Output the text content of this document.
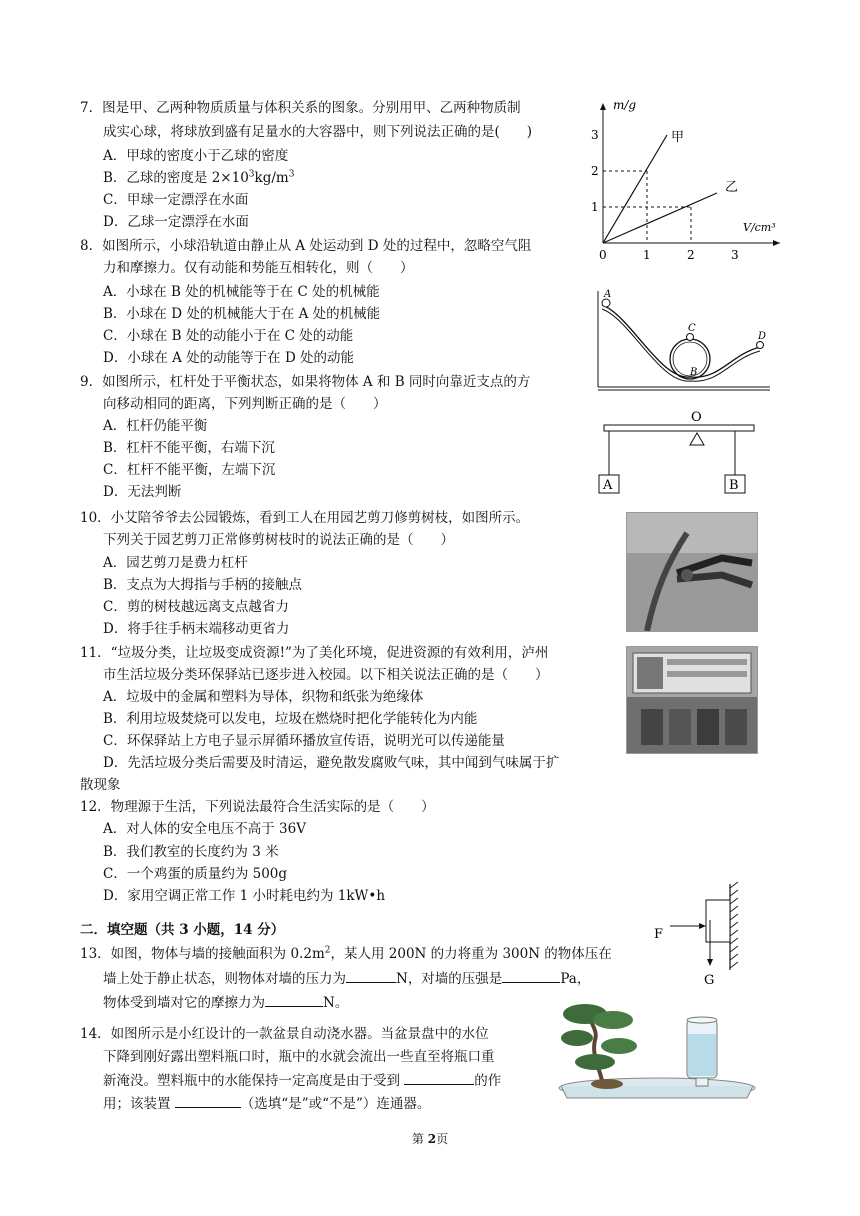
7．图是甲、乙两种物质质量与体积关系的图象。分别用甲、乙两种物质制
成实心球，将球放到盛有足量水的大容器中，则下列说法正确的是(　　)
A．甲球的密度小于乙球的密度
B．乙球的密度是 $2\times 10^3kg/m^3$
C．甲球一定漂浮在水面
D．乙球一定漂浮在水面
m/g
V/cm³
甲
乙
0	1	2	3
1
2
3
8．如图所示，小球沿轨道由静止从 A 处运动到 D 处的过程中，忽略空气阻
力和摩擦力。仅有动能和势能互相转化，则（　　）
A．小球在 B 处的机械能等于在 C 处的机械能
B．小球在 D 处的机械能大于在 A 处的机械能
C．小球在 B 处的动能小于在 C 处的动能
D．小球在 A 处的动能等于在 D 处的动能
A
B
C
D
9．如图所示，杠杆处于平衡状态，如果将物体 A 和 B 同时向靠近支点的方
向移动相同的距离，下列判断正确的是（　　）
A．杠杆仍能平衡
B．杠杆不能平衡，右端下沉
C．杠杆不能平衡，左端下沉
D．无法判断
O
A	B
10．小艾陪爷爷去公园锻炼，看到工人在用园艺剪刀修剪树枝，如图所示。
下列关于园艺剪刀正常修剪树枝时的说法正确的是（　　）
A．园艺剪刀是费力杠杆
B．支点为大拇指与手柄的接触点
C．剪的树枝越远离支点越省力
D．将手往手柄末端移动更省力
11．“垃圾分类，让垃圾变成资源!”为了美化环境，促进资源的有效利用，泸州
市生活垃圾分类环保驿站已逐步进入校园。以下相关说法正确的是（　　）
A．垃圾中的金属和塑料为导体，织物和纸张为绝缘体
B．利用垃圾焚烧可以发电，垃圾在燃烧时把化学能转化为内能
C．环保驿站上方电子显示屏循环播放宣传语，说明光可以传递能量
D．先活垃圾分类后需要及时清运，避免散发腐败气味，其中闻到气味属于扩
散现象
12．物理源于生活，下列说法最符合生活实际的是（　　）
A．对人体的安全电压不高于 36V
B．我们教室的长度约为 3 米
C．一个鸡蛋的质量约为 500g
D．家用空调正常工作 1 小时耗电约为 1kW•h
二．填空题（共 3 小题，14 分）
13．如图，物体与墙的接触面积为 $0.2m^2$，某人用 200N 的力将重为 300N 的物体压在
墙上处于静止状态，则物体对墙的压力为	N，对墙的压强是	Pa，
物体受到墙对它的摩擦力为	N。
F
G
14．如图所示是小红设计的一款盆景自动浇水器。当盆景盘中的水位
下降到刚好露出塑料瓶口时，瓶中的水就会流出一些直至将瓶口重
新淹没。塑料瓶中的水能保持一定高度是由于受到	的作
用；该装置	（选填“是”或“不是”）连通器。
第 2页
